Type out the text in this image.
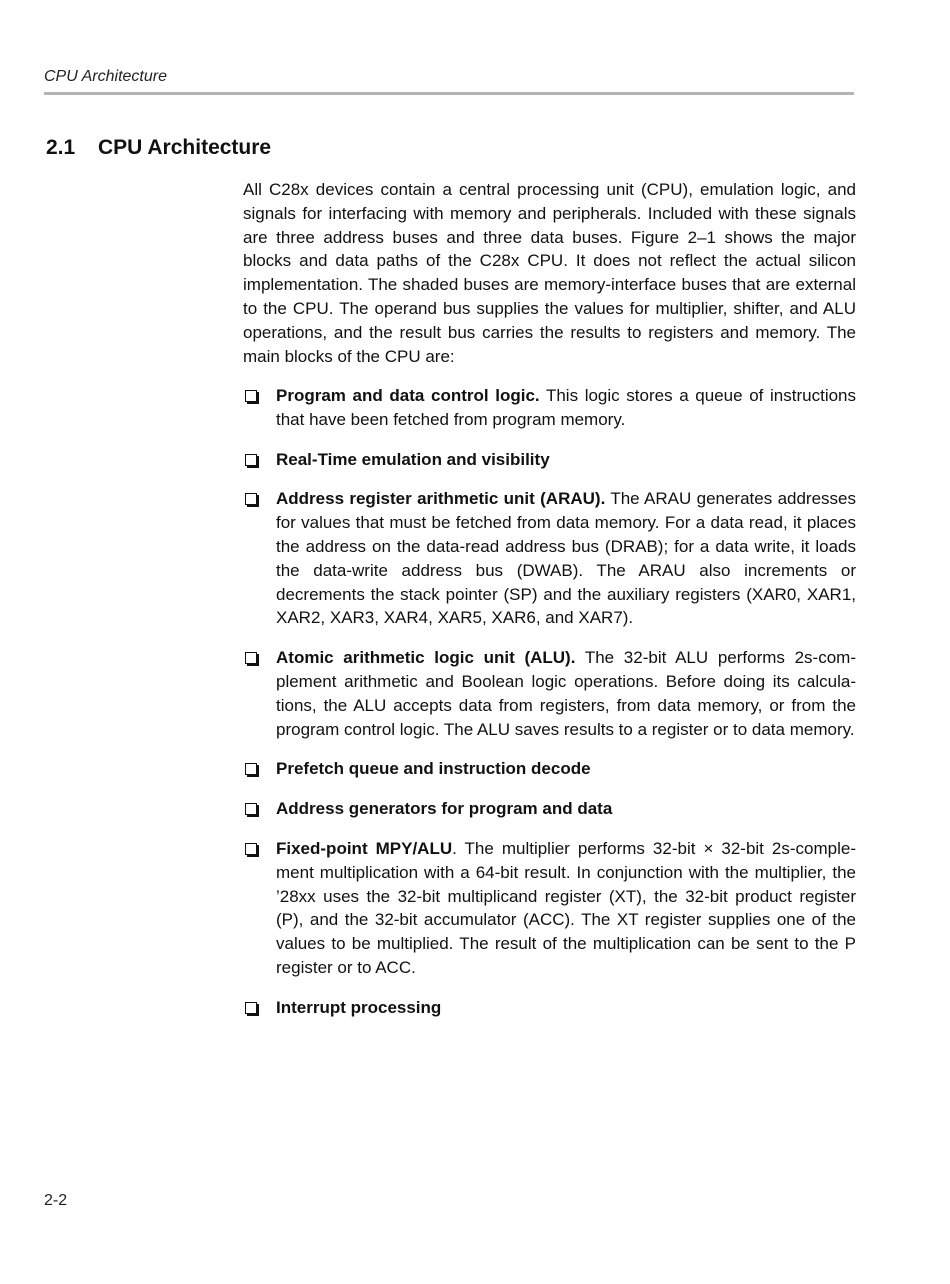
CPU Architecture
2.1 CPU Architecture

All C28x devices contain a central processing unit (CPU), emulation logic, and signals for interfacing with memory and peripherals. Included with these signals are three address buses and three data buses. Figure 2–1 shows the major blocks and data paths of the C28x CPU. It does not reflect the actual silicon implementation. The shaded buses are memory-interface buses that are external to the CPU. The operand bus supplies the values for multiplier, shifter, and ALU operations, and the result bus carries the results to registers and memory. The main blocks of the CPU are:

Program and data control logic. This logic stores a queue of instructions that have been fetched from program memory.
Real-Time emulation and visibility
Address register arithmetic unit (ARAU). The ARAU generates addresses for values that must be fetched from data memory. For a data read, it places the address on the data-read address bus (DRAB); for a data write, it loads the data-write address bus (DWAB). The ARAU also increments or decrements the stack pointer (SP) and the auxiliary registers (XAR0, XAR1, XAR2, XAR3, XAR4, XAR5, XAR6, and XAR7).
Atomic arithmetic logic unit (ALU). The 32-bit ALU performs 2s-complement arithmetic and Boolean logic operations. Before doing its calculations, the ALU accepts data from registers, from data memory, or from the program control logic. The ALU saves results to a register or to data memory.
Prefetch queue and instruction decode
Address generators for program and data
Fixed-point MPY/ALU. The multiplier performs 32-bit × 32-bit 2s-complement multiplication with a 64-bit result. In conjunction with the multiplier, the ’28xx uses the 32-bit multiplicand register (XT), the 32-bit product register (P), and the 32-bit accumulator (ACC). The XT register supplies one of the values to be multiplied. The result of the multiplication can be sent to the P register or to ACC.
Interrupt processing
2-2
